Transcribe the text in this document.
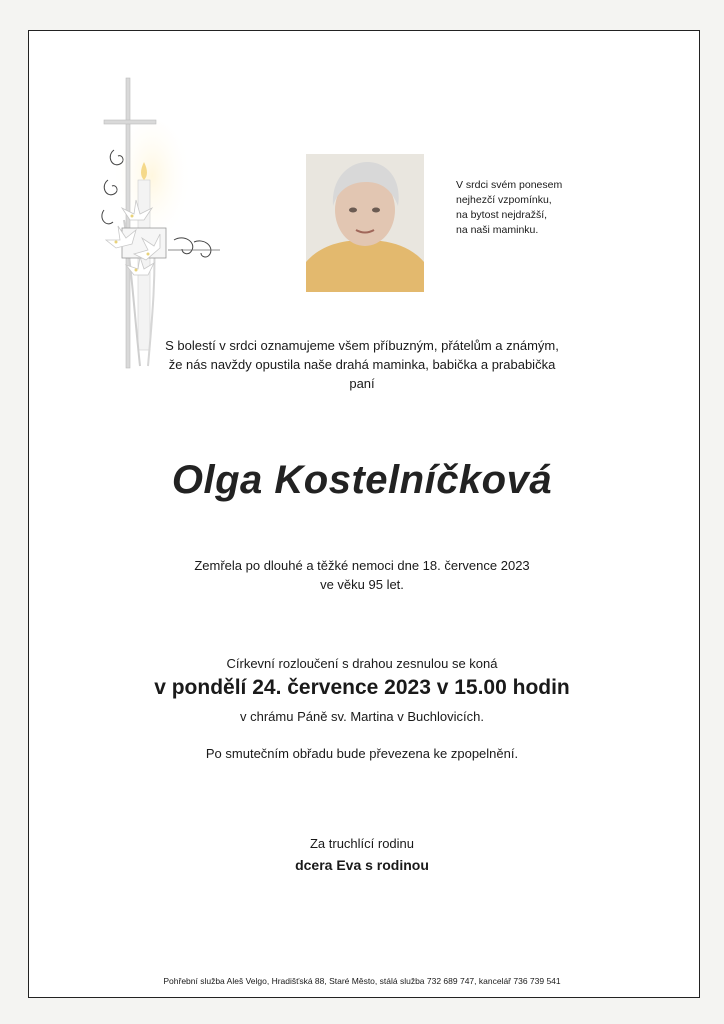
V srdci svém ponesem
nejhezčí vzpomínku,
na bytost nejdražší,
na naši maminku.
S bolestí v srdci oznamujeme všem příbuzným, přátelům a známým,
že nás navždy opustila naše drahá maminka, babička a prababička
paní
Olga Kostelníčková
Zemřela po dlouhé a těžké nemoci dne 18. července 2023
ve věku 95 let.
Církevní rozloučení s drahou zesnulou se koná
v pondělí 24. července 2023 v 15.00 hodin
v chrámu Páně sv. Martina v Buchlovicích.
Po smutečním obřadu bude převezena ke zpopelnění.
Za truchlící rodinu
dcera Eva s rodinou
Pohřební služba Aleš Velgo, Hradišťská 88, Staré Město, stálá služba 732 689 747, kancelář 736 739 541
